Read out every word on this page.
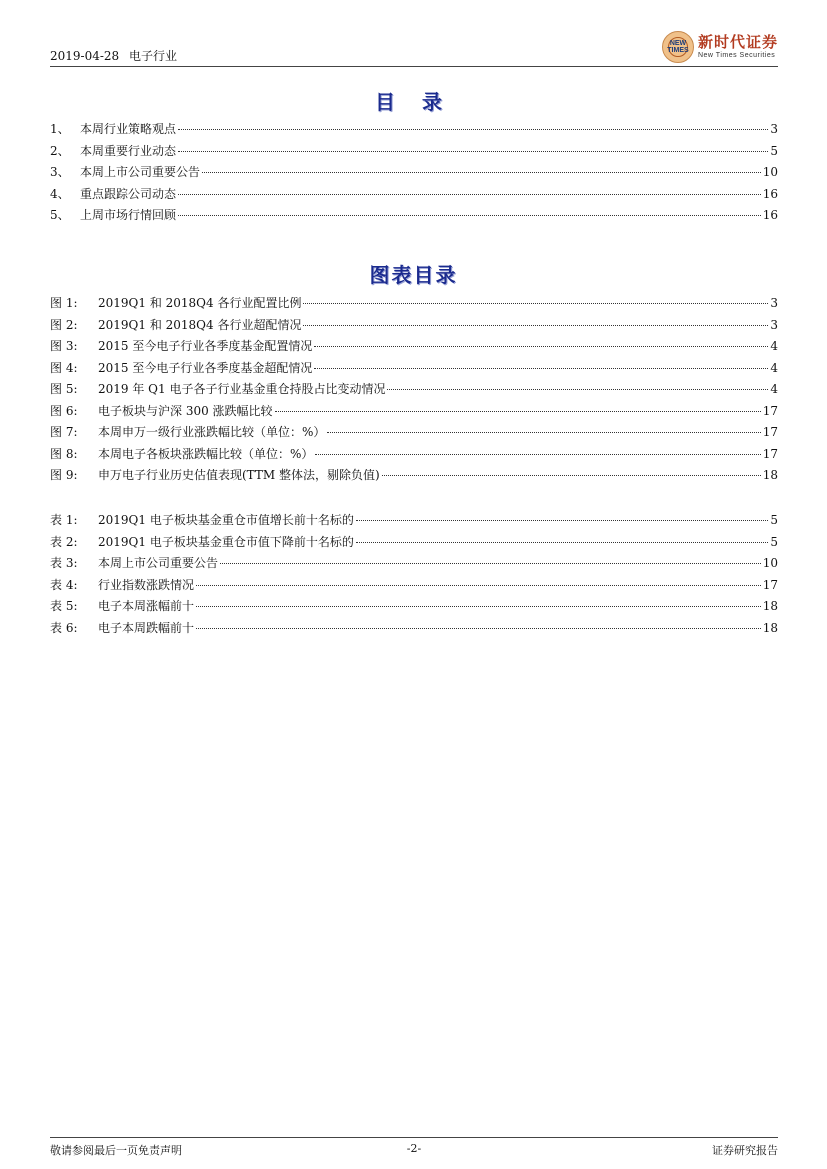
2019-04-28 电子行业
NEW TIMES 新时代证券
New Times Securities
目 录
1、 本周行业策略观点	3
2、 本周重要行业动态	5
3、 本周上市公司重要公告	10
4、 重点跟踪公司动态	16
5、 上周市场行情回顾	16
图表目录
图 1:	2019Q1 和 2018Q4 各行业配置比例	3
图 2:	2019Q1 和 2018Q4 各行业超配情况	3
图 3:	2015 至今电子行业各季度基金配置情况	4
图 4:	2015 至今电子行业各季度基金超配情况	4
图 5:	2019 年 Q1 电子各子行业基金重仓持股占比变动情况	4
图 6:	电子板块与沪深 300 涨跌幅比较	17
图 7:	本周申万一级行业涨跌幅比较（单位：%）	17
图 8:	本周电子各板块涨跌幅比较（单位：%）	17
图 9:	申万电子行业历史估值表现(TTM 整体法，剔除负值)	18
表 1:	2019Q1 电子板块基金重仓市值增长前十名标的	5
表 2:	2019Q1 电子板块基金重仓市值下降前十名标的	5
表 3:	本周上市公司重要公告	10
表 4:	行业指数涨跌情况	17
表 5:	电子本周涨幅前十	18
表 6:	电子本周跌幅前十	18
敬请参阅最后一页免责声明	-2-	证券研究报告
